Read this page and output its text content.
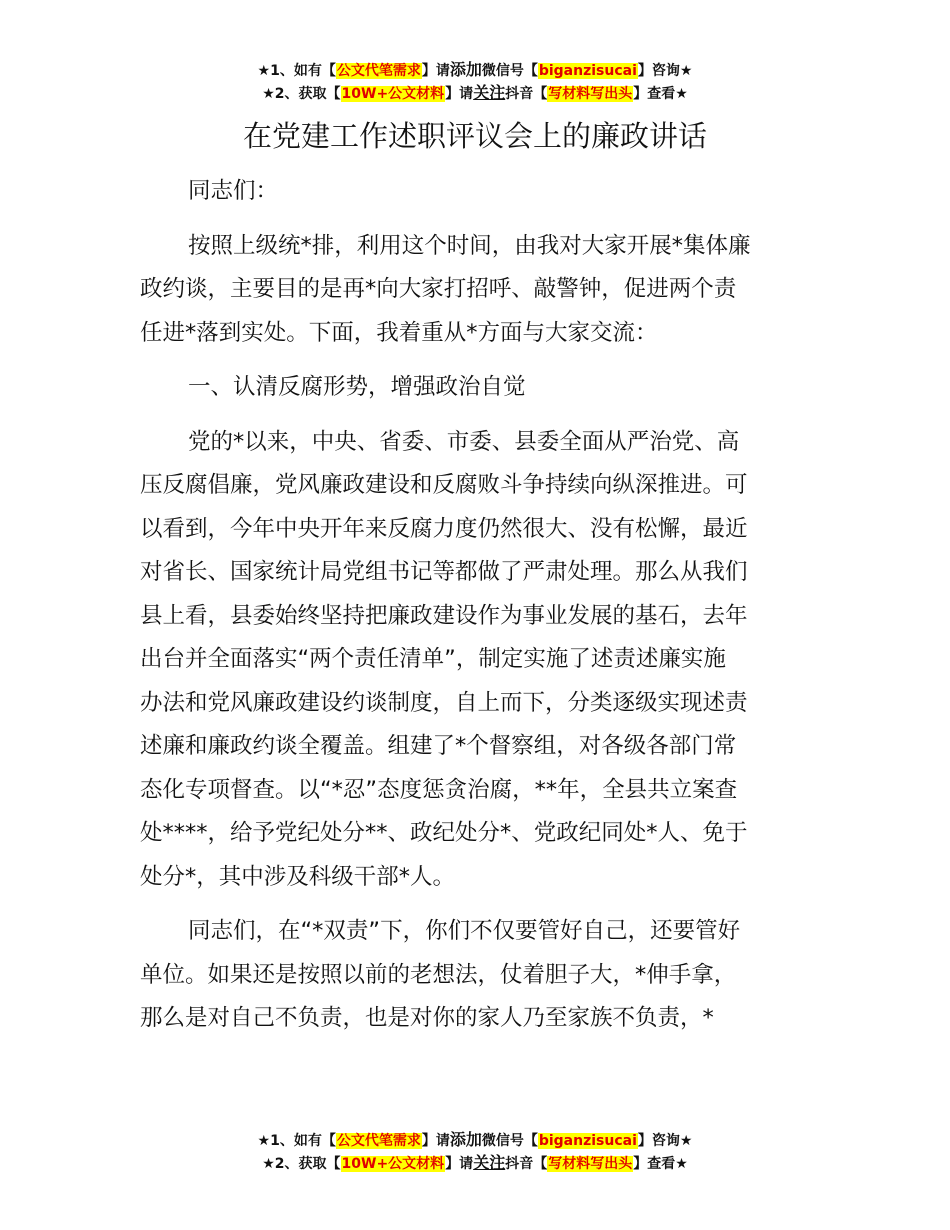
★1、如有【公文代笔需求】请添加微信号【biganzisucai】咨询★
★2、获取【10W+公文材料】请关注抖音【写材料写出头】查看★
在党建工作述职评议会上的廉政讲话
同志们：
按照上级统*排，利用这个时间，由我对大家开展*集体廉
政约谈，主要目的是再*向大家打招呼、敲警钟，促进两个责
任进*落到实处。下面，我着重从*方面与大家交流：
一、认清反腐形势，增强政治自觉
党的*以来，中央、省委、市委、县委全面从严治党、高
压反腐倡廉，党风廉政建设和反腐败斗争持续向纵深推进。可
以看到，今年中央开年来反腐力度仍然很大、没有松懈，最近
对省长、国家统计局党组书记等都做了严肃处理。那么从我们
县上看，县委始终坚持把廉政建设作为事业发展的基石，去年
出台并全面落实“两个责任清单”，制定实施了述责述廉实施
办法和党风廉政建设约谈制度，自上而下，分类逐级实现述责
述廉和廉政约谈全覆盖。组建了*个督察组，对各级各部门常
态化专项督查。以“*忍”态度惩贪治腐，**年，全县共立案查
处****，给予党纪处分**、政纪处分*、党政纪同处*人、免于
处分*，其中涉及科级干部*人。
同志们，在“*双责”下，你们不仅要管好自己，还要管好
单位。如果还是按照以前的老想法，仗着胆子大，*伸手拿，
那么是对自己不负责，也是对你的家人乃至家族不负责，*
★1、如有【公文代笔需求】请添加微信号【biganzisucai】咨询★
★2、获取【10W+公文材料】请关注抖音【写材料写出头】查看★
